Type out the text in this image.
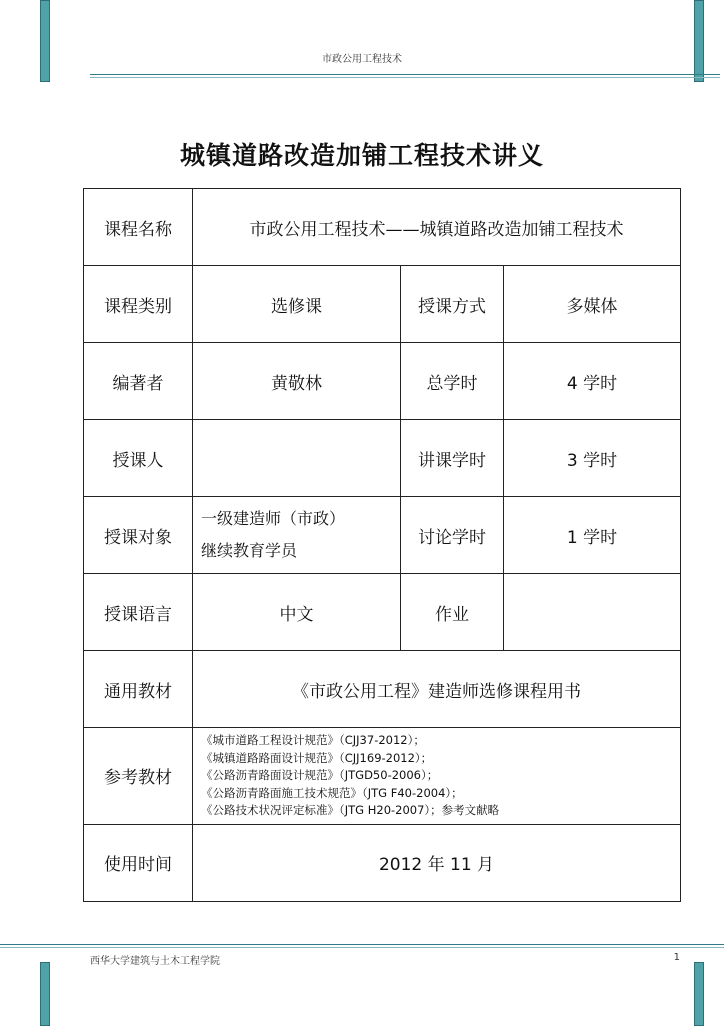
市政公用工程技术
城镇道路改造加铺工程技术讲义
课程名称	市政公用工程技术——城镇道路改造加铺工程技术		
课程类别	选修课	授课方式	多媒体
编著者	黄敬林	总学时	4 学时
授课人		讲课学时	3 学时
授课对象	一级建造师（市政）
继续教育学员	讨论学时	1 学时
授课语言	中文	作业	
通用教材	《市政公用工程》建造师选修课程用书		
参考教材	《城市道路工程设计规范》（CJJ37-2012）；
《城镇道路路面设计规范》（CJJ169-2012）；
《公路沥青路面设计规范》（JTGD50-2006）；
《公路沥青路面施工技术规范》（JTG F40-2004）；
《公路技术状况评定标准》（JTG H20-2007）；参考文献略		

使用时间	2012 年 11 月		
西华大学建筑与土木工程学院	1
